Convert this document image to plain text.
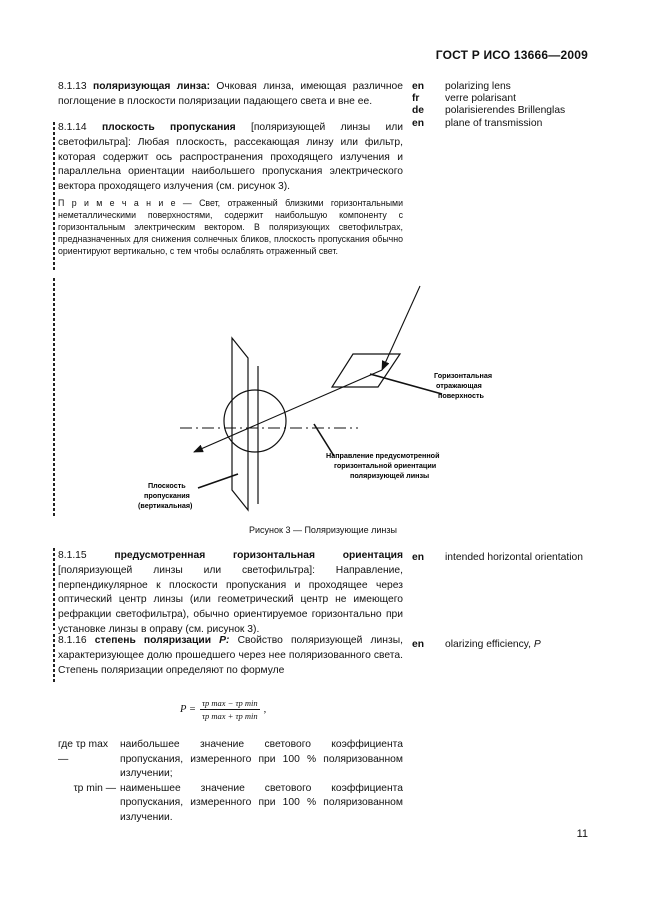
ГОСТ Р ИСО 13666—2009
8.1.13 поляризующая линза: Очковая линза, имеющая различное поглощение в плоскости поляризации падающего света и вне ее.
en	polarizing lens
fr	verre polarisant
de	polarisierendes Brillenglas
en	plane of transmission
8.1.14 плоскость пропускания [поляризующей линзы или светофильтра]: Любая плоскость, рассекающая линзу или фильтр, которая содержит ось распространения проходящего излучения и параллельна ориентации наибольшего пропускания электрического вектора проходящего излучения (см. рисунок 3).
П р и м е ч а н и е — Свет, отраженный близкими горизонтальными неметаллическими поверхностями, содержит наибольшую компоненту с горизонтальным электрическим вектором. В поляризующих светофильтрах, предназначенных для снижения солнечных бликов, плоскость пропускания обычно ориентируют вертикально, с тем чтобы ослаблять отраженный свет.
Горизонтальная
отражающая
поверхность
Направление предусмотренной
горизонтальной ориентации
поляризующей линзы
Плоскость
пропускания
(вертикальная)
Рисунок 3 — Поляризующие линзы
8.1.15	предусмотренная горизонтальная ориентация [поляризующей линзы или светофильтра]: Направление, перпендикулярное к плоскости пропускания и проходящее через оптический центр линзы (или геометрический центр не имеющего рефракции светофильтра), обычно ориентируемое горизонтально при установке линзы в оправу (см. рисунок 3).
en	intended horizontal orientation
8.1.16 степень поляризации P: Свойство поляризующей линзы, характеризующее долю прошедшего через нее поляризованного света. Степень поляризации определяют по формуле
en	olarizing efficiency, P
$P = \frac{\text{τp max − τp min}}{\text{τp max + τp min}}$ ,
где τp max —
наибольшее значение светового коэффициента пропускания, измеренного при 100 % поляризованном излучении;
τp min — наименьшее значение светового коэффициента пропускания, измеренного при 100 % поляризованном излучении.
11
